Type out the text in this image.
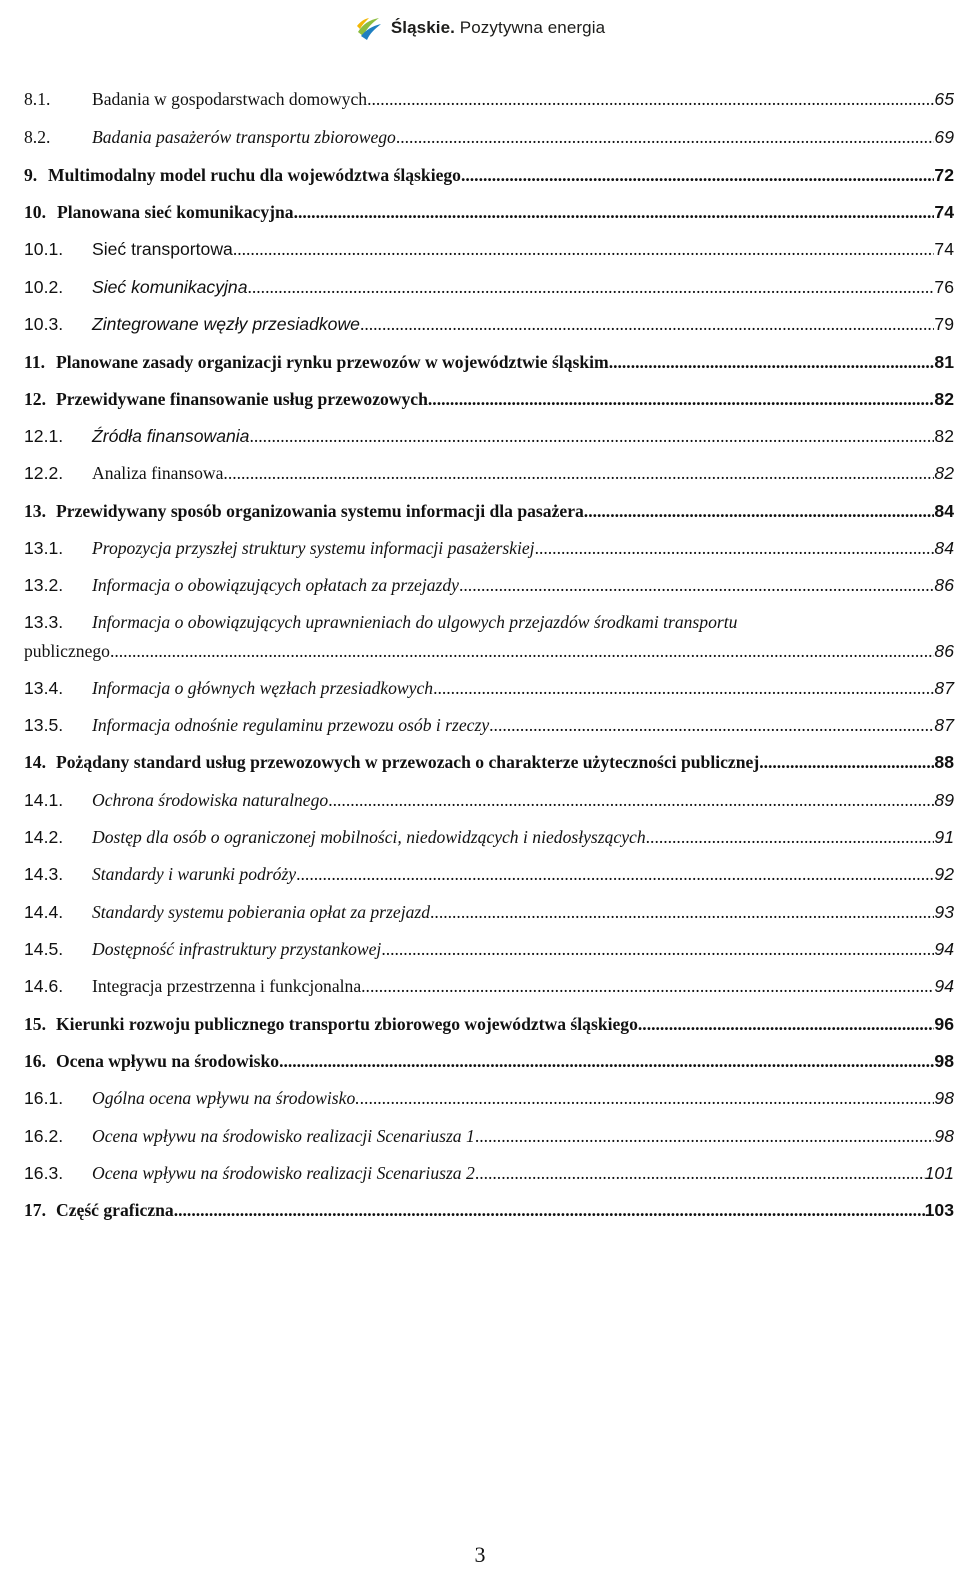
Śląskie. Pozytywna energia
8.1.	Badania w gospodarstwach domowych .....	65
8.2.	Badania pasażerów transportu zbiorowego .....	69
9. Multimodalny model ruchu dla województwa śląskiego .....	72
10. Planowana sieć komunikacyjna .....	74
10.1.	Sieć transportowa .....	74
10.2.	Sieć komunikacyjna .....	76
10.3.	Zintegrowane węzły przesiadkowe .....	79
11. Planowane zasady organizacji rynku przewozów w województwie śląskim .....	81
12. Przewidywane finansowanie usług przewozowych .....	82
12.1.	Źródła finansowania .....	82
12.2.	Analiza finansowa .....	82
13. Przewidywany sposób organizowania systemu informacji dla pasażera .....	84
13.1.	Propozycja przyszłej struktury systemu informacji pasażerskiej .....	84
13.2.	Informacja o obowiązujących opłatach za przejazdy .....	86
13.3.	Informacja o obowiązujących uprawnieniach do ulgowych przejazdów środkami transportu
publicznego .....	86
13.4.	Informacja o głównych węzłach przesiadkowych .....	87
13.5.	Informacja odnośnie regulaminu przewozu osób i rzeczy .....	87
14. Pożądany standard usług przewozowych w przewozach o charakterze użyteczności publicznej .....	88
14.1.	Ochrona środowiska naturalnego .....	89
14.2.	Dostęp dla osób o ograniczonej mobilności, niedowidzących i niedosłyszących .....	91
14.3.	Standardy i warunki podróży .....	92
14.4.	Standardy systemu pobierania opłat za przejazd .....	93
14.5.	Dostępność infrastruktury przystankowej .....	94
14.6.	Integracja przestrzenna i funkcjonalna .....	94
15. Kierunki rozwoju publicznego transportu zbiorowego województwa śląskiego .....	96
16. Ocena wpływu na środowisko .....	98
16.1.	Ogólna ocena wpływu na środowisko. .....	98
16.2.	Ocena wpływu na środowisko realizacji Scenariusza 1 .....	98
16.3.	Ocena wpływu na środowisko realizacji Scenariusza 2 .....	101
17. Część graficzna .....	103
3
